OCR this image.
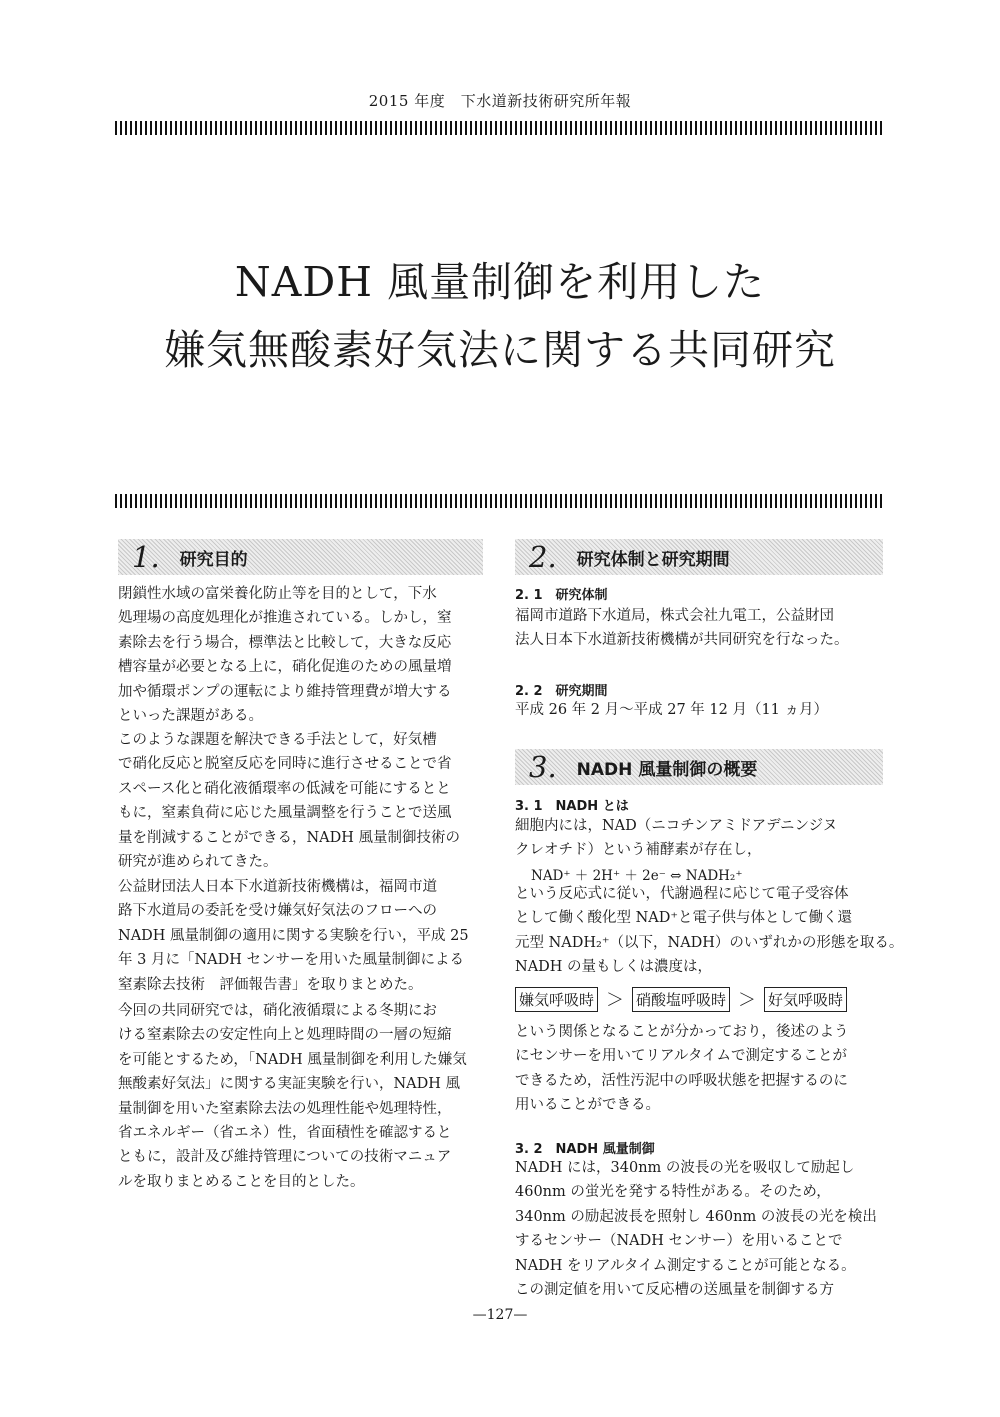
2015 年度　下水道新技術研究所年報
NADH 風量制御を利用した
嫌気無酸素好気法に関する共同研究
1. 研究目的
閉鎖性水域の富栄養化防止等を目的として，下水
処理場の高度処理化が推進されている。しかし，窒
素除去を行う場合，標準法と比較して，大きな反応
槽容量が必要となる上に，硝化促進のための風量増
加や循環ポンプの運転により維持管理費が増大する
といった課題がある。
このような課題を解決できる手法として，好気槽
で硝化反応と脱窒反応を同時に進行させることで省
スペース化と硝化液循環率の低減を可能にするとと
もに，窒素負荷に応じた風量調整を行うことで送風
量を削減することができる，NADH 風量制御技術の
研究が進められてきた。
公益財団法人日本下水道新技術機構は，福岡市道
路下水道局の委託を受け嫌気好気法のフローへの
NADH 風量制御の適用に関する実験を行い，平成 25
年 3 月に「NADH センサーを用いた風量制御による
窒素除去技術　評価報告書」を取りまとめた。
今回の共同研究では，硝化液循環による冬期にお
ける窒素除去の安定性向上と処理時間の一層の短縮
を可能とするため，「NADH 風量制御を利用した嫌気
無酸素好気法」に関する実証実験を行い，NADH 風
量制御を用いた窒素除去法の処理性能や処理特性，
省エネルギー（省エネ）性，省面積性を確認すると
ともに，設計及び維持管理についての技術マニュア
ルを取りまとめることを目的とした。
2. 研究体制と研究期間
2. 1　研究体制
福岡市道路下水道局，株式会社九電工，公益財団
法人日本下水道新技術機構が共同研究を行なった。
2. 2　研究期間
平成 26 年 2 月～平成 27 年 12 月（11 ヵ月）
3. NADH 風量制御の概要
3. 1　NADH とは
細胞内には，NAD（ニコチンアミドアデニンジヌ
クレオチド）という補酵素が存在し，
NAD⁺ ＋ 2H⁺ ＋ 2e⁻ ⇔ NADH₂⁺
という反応式に従い，代謝過程に応じて電子受容体
として働く酸化型 NAD⁺と電子供与体として働く還
元型 NADH₂⁺（以下，NADH）のいずれかの形態を取る。
NADH の量もしくは濃度は，
嫌気呼吸時 ＞ 硝酸塩呼吸時 ＞ 好気呼吸時
という関係となることが分かっており，後述のよう
にセンサーを用いてリアルタイムで測定することが
できるため，活性汚泥中の呼吸状態を把握するのに
用いることができる。
3. 2　NADH 風量制御
NADH には，340nm の波長の光を吸収して励起し
460nm の蛍光を発する特性がある。そのため，
340nm の励起波長を照射し 460nm の波長の光を検出
するセンサー（NADH センサー）を用いることで
NADH をリアルタイム測定することが可能となる。
この測定値を用いて反応槽の送風量を制御する方
—127—
